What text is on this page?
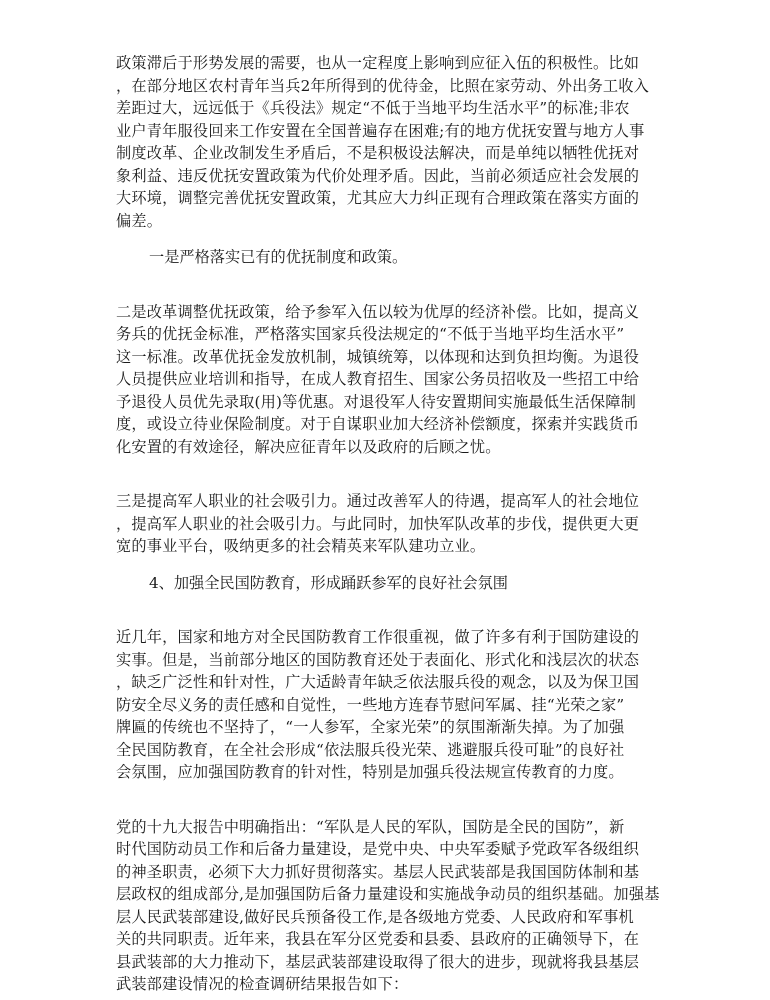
政策滞后于形势发展的需要，也从一定程度上影响到应征入伍的积极性。比如
，在部分地区农村青年当兵2年所得到的优待金，比照在家劳动、外出务工收入
差距过大，远远低于《兵役法》规定“不低于当地平均生活水平”的标准;非农
业户青年服役回来工作安置在全国普遍存在困难;有的地方优抚安置与地方人事
制度改革、企业改制发生矛盾后，不是积极设法解决，而是单纯以牺牲优抚对
象利益、违反优抚安置政策为代价处理矛盾。因此，当前必须适应社会发展的
大环境，调整完善优抚安置政策，尤其应大力纠正现有合理政策在落实方面的
偏差。
一是严格落实已有的优抚制度和政策。
二是改革调整优抚政策，给予参军入伍以较为优厚的经济补偿。比如，提高义
务兵的优抚金标准，严格落实国家兵役法规定的“不低于当地平均生活水平”
这一标准。改革优抚金发放机制，城镇统筹，以体现和达到负担均衡。为退役
人员提供应业培训和指导，在成人教育招生、国家公务员招收及一些招工中给
予退役人员优先录取(用)等优惠。对退役军人待安置期间实施最低生活保障制
度，或设立待业保险制度。对于自谋职业加大经济补偿额度，探索并实践货币
化安置的有效途径，解决应征青年以及政府的后顾之忧。
三是提高军人职业的社会吸引力。通过改善军人的待遇，提高军人的社会地位
，提高军人职业的社会吸引力。与此同时，加快军队改革的步伐，提供更大更
宽的事业平台，吸纳更多的社会精英来军队建功立业。
4、加强全民国防教育，形成踊跃参军的良好社会氛围
近几年，国家和地方对全民国防教育工作很重视，做了许多有利于国防建设的
实事。但是，当前部分地区的国防教育还处于表面化、形式化和浅层次的状态
，缺乏广泛性和针对性，广大适龄青年缺乏依法服兵役的观念，以及为保卫国
防安全尽义务的责任感和自觉性，一些地方连春节慰问军属、挂“光荣之家”
牌匾的传统也不坚持了，“一人参军，全家光荣”的氛围渐渐失掉。为了加强
全民国防教育，在全社会形成“依法服兵役光荣、逃避服兵役可耻”的良好社
会氛围，应加强国防教育的针对性，特别是加强兵役法规宣传教育的力度。
党的十九大报告中明确指出：“军队是人民的军队，国防是全民的国防”，新
时代国防动员工作和后备力量建设，是党中央、中央军委赋予党政军各级组织
的神圣职责，必须下大力抓好贯彻落实。基层人民武装部是我国国防体制和基
层政权的组成部分,是加强国防后备力量建设和实施战争动员的组织基础。加强基
层人民武装部建设,做好民兵预备役工作,是各级地方党委、人民政府和军事机
关的共同职责。近年来，我县在军分区党委和县委、县政府的正确领导下，在
县武装部的大力推动下，基层武装部建设取得了很大的进步，现就将我县基层
武装部建设情况的检查调研结果报告如下：
